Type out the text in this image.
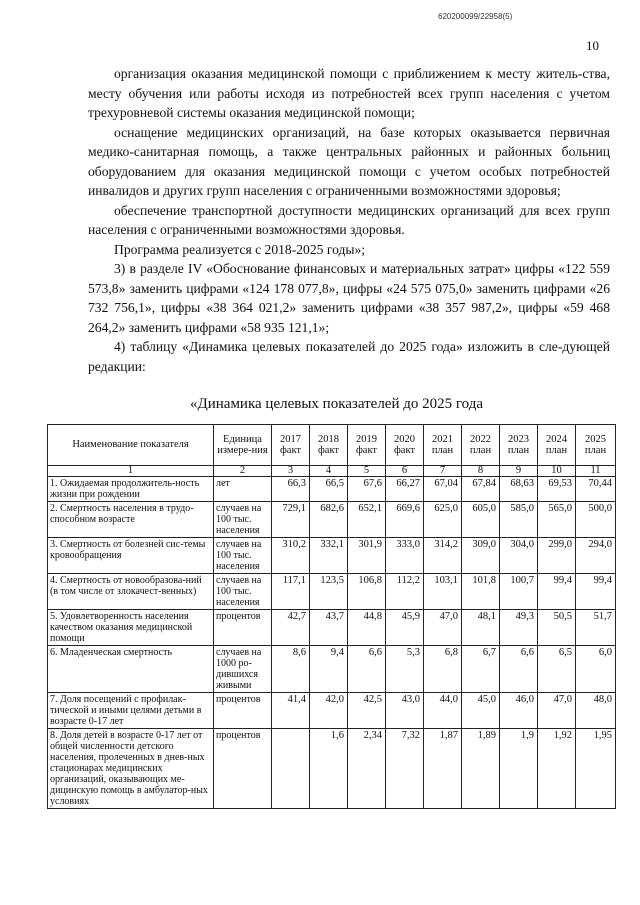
620200099/22958(5)
10

организация оказания медицинской помощи с приближением к месту житель-ства, месту обучения или работы исходя из потребностей всех групп населения с учетом трехуровневой системы оказания медицинской помощи;

оснащение медицинских организаций, на базе которых оказывается первичная медико-санитарная помощь, а также центральных районных и районных больниц оборудованием для оказания медицинской помощи с учетом особых потребностей инвалидов и других групп населения с ограниченными возможностями здоровья;

обеспечение транспортной доступности медицинских организаций для всех групп населения с ограниченными возможностями здоровья.

Программа реализуется с 2018-2025 годы»;

3) в разделе IV «Обоснование финансовых и материальных затрат» цифры «122 559 573,8» заменить цифрами «124 178 077,8», цифры «24 575 075,0» заменить цифрами «26 732 756,1», цифры «38 364 021,2» заменить цифрами «38 357 987,2», цифры «59 468 264,2» заменить цифрами «58 935 121,1»;

4) таблицу «Динамика целевых показателей до 2025 года» изложить в сле-дующей редакции:

«Динамика целевых показателей до 2025 года
Наименование показателя	Единица измере-ния	2017 факт	2018 факт	2019 факт	2020 факт	2021 план	2022 план	2023 план	2024 план	2025 план
1	2	3	4	5	6	7	8	9	10	11
1. Ожидаемая продолжитель-ность жизни при рождении	лет	66,3	66,5	67,6	66,27	67,04	67,84	68,63	69,53	70,44
2. Смертность населения в трудо-способном возрасте	случаев на 100 тыс. населения	729,1	682,6	652,1	669,6	625,0	605,0	585,0	565,0	500,0
3. Смертность от болезней сис-темы кровообращения	случаев на 100 тыс. населения	310,2	332,1	301,9	333,0	314,2	309,0	304,0	299,0	294,0
4. Смертность от новообразова-ний (в том числе от злокачест-венных)	случаев на 100 тыс. населения	117,1	123,5	106,8	112,2	103,1	101,8	100,7	99,4	99,4
5. Удовлетворенность населения качеством оказания медицинской помощи	процентов	42,7	43,7	44,8	45,9	47,0	48,1	49,3	50,5	51,7
6. Младенческая смертность	случаев на 1000 ро-дившихся живыми	8,6	9,4	6,6	5,3	6,8	6,7	6,6	6,5	6,0
7. Доля посещений с профилак-тической и иными целями детьми в возрасте 0-17 лет	процентов	41,4	42,0	42,5	43,0	44,0	45,0	46,0	47,0	48,0
8. Доля детей в возрасте 0-17 лет от общей численности детского населения, пролеченных в днев-ных стационарах медицинских организаций, оказывающих ме-дицинскую помощь в амбулатор-ных условиях	процентов		1,6	2,34	7,32	1,87	1,89	1,9	1,92	1,95
